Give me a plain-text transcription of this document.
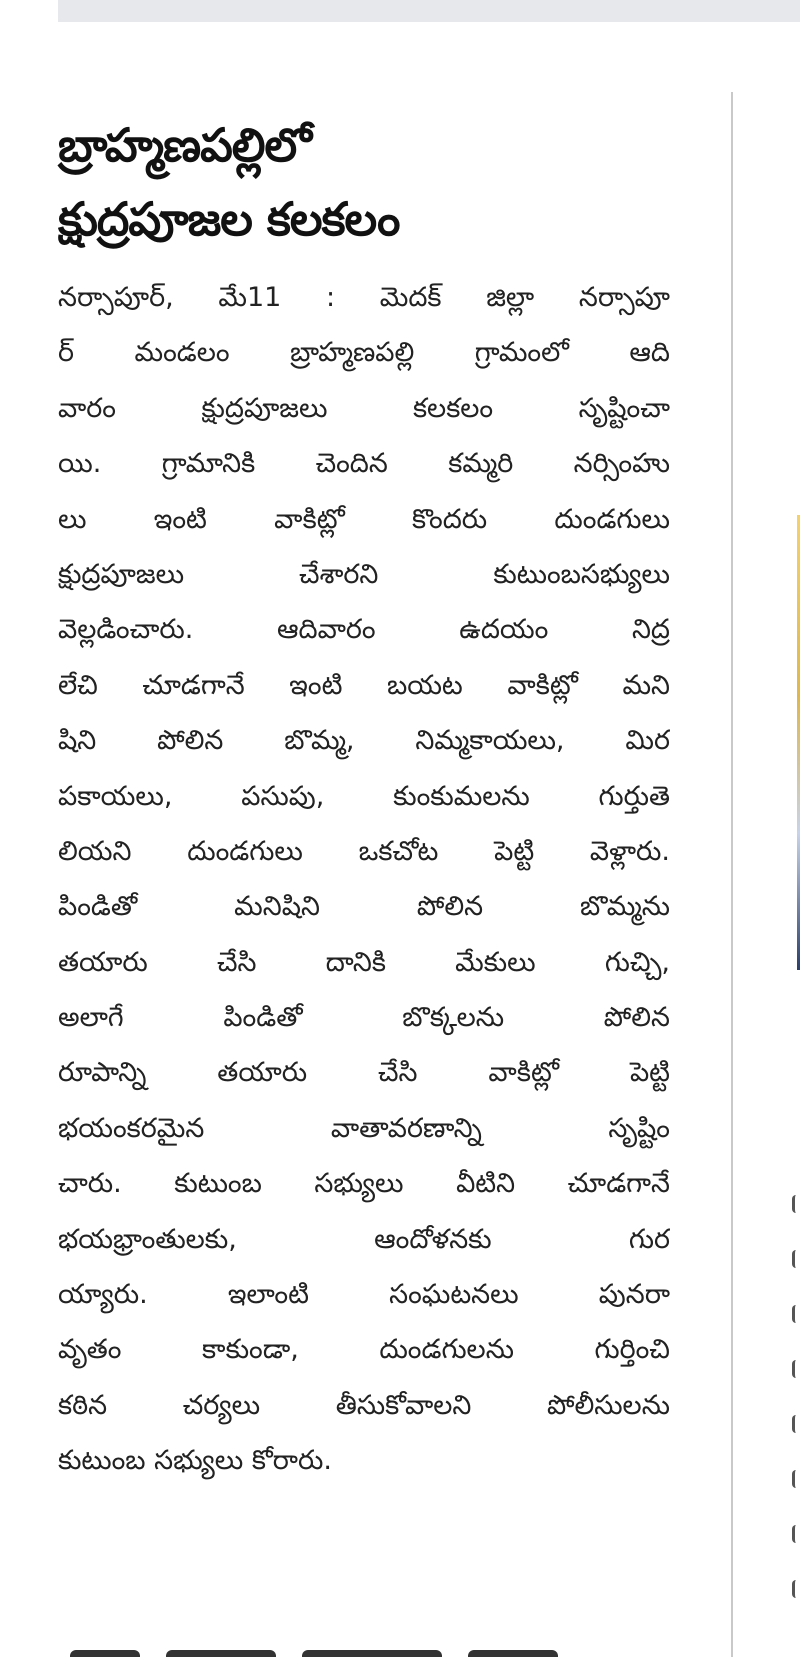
బ్రాహ్మణపల్లిలో
క్షుద్రపూజల కలకలం
నర్సాపూర్, మే11 : మెదక్ జిల్లా నర్సాపూ
ర్ మండలం బ్రాహ్మణపల్లి గ్రామంలో ఆది
వారం క్షుద్రపూజలు కలకలం సృష్టించా
యి. గ్రామానికి చెందిన కమ్మరి నర్సింహు
లు ఇంటి వాకిట్లో కొందరు దుండగులు
క్షుద్రపూజలు చేశారని కుటుంబసభ్యులు
వెల్లడించారు. ఆదివారం ఉదయం నిద్ర
లేచి చూడగానే ఇంటి బయట వాకిట్లో మని
షిని పోలిన బొమ్మ, నిమ్మకాయలు, మిర
పకాయలు, పసుపు, కుంకుమలను గుర్తుతె
లియని దుండగులు ఒకచోట పెట్టి వెళ్లారు.
పిండితో మనిషిని పోలిన బొమ్మను
తయారు చేసి దానికి మేకులు గుచ్చి,
అలాగే పిండితో బొక్కలను పోలిన
రూపాన్ని తయారు చేసి వాకిట్లో పెట్టి
భయంకరమైన వాతావరణాన్ని సృష్టిం
చారు. కుటుంబ సభ్యులు వీటిని చూడగానే
భయభ్రాంతులకు, ఆందోళనకు గుర
య్యారు. ఇలాంటి సంఘటనలు పునరా
వృతం కాకుండా, దుండగులను గుర్తించి
కఠిన చర్యలు తీసుకోవాలని పోలీసులను
కుటుంబ సభ్యులు కోరారు.
